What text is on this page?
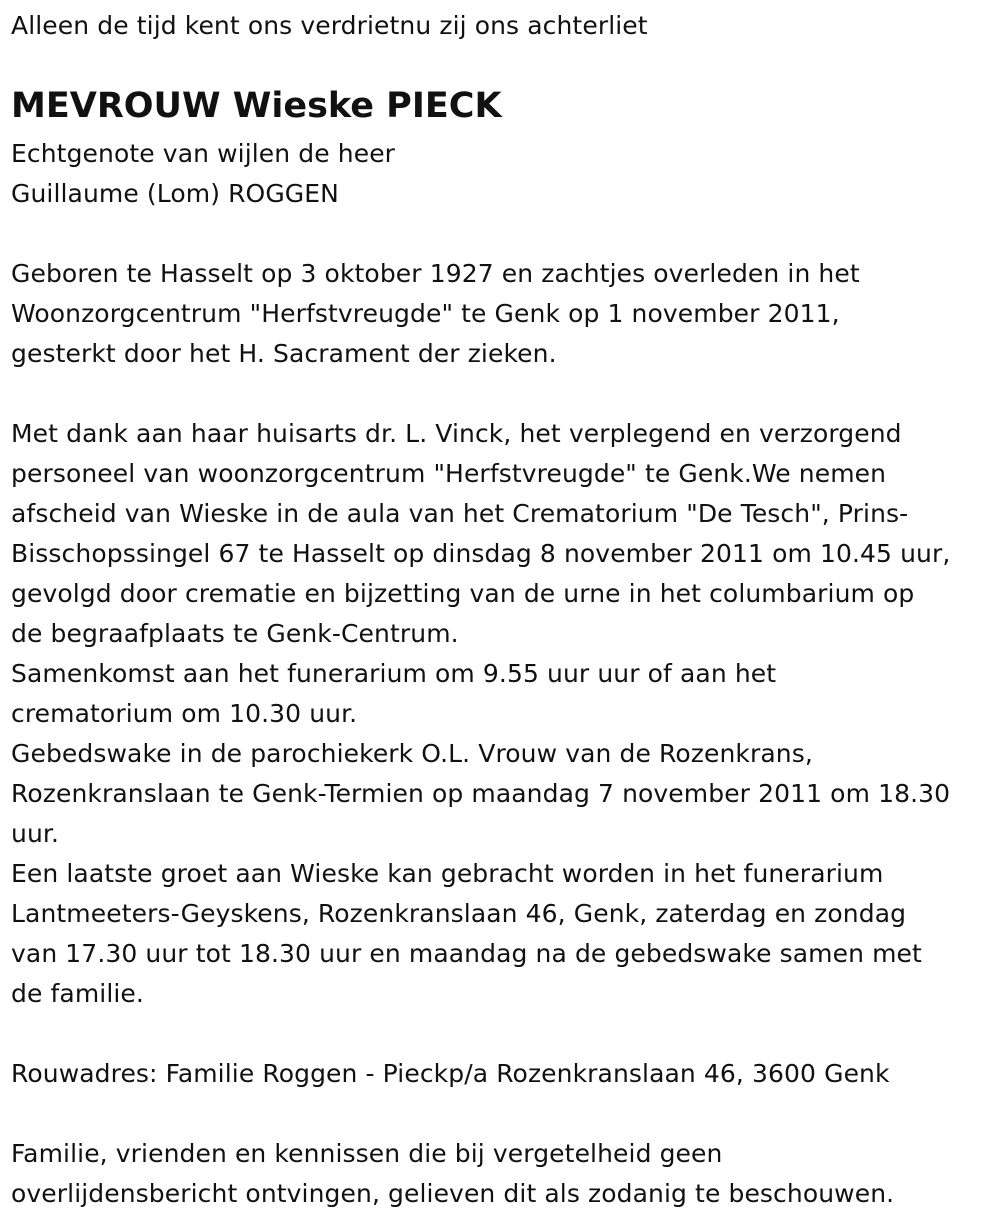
Alleen de tijd kent ons verdrietnu zij ons achterliet
MEVROUW Wieske PIECK
Echtgenote van wijlen de heer
Guillaume (Lom) ROGGEN
Geboren te Hasselt op 3 oktober 1927 en zachtjes overleden in het
Woonzorgcentrum "Herfstvreugde" te Genk op 1 november 2011,
gesterkt door het H. Sacrament der zieken.
Met dank aan haar huisarts dr. L. Vinck, het verplegend en verzorgend
personeel van woonzorgcentrum "Herfstvreugde" te Genk.We nemen
afscheid van Wieske in de aula van het Crematorium "De Tesch", Prins-
Bisschopssingel 67 te Hasselt op dinsdag 8 november 2011 om 10.45 uur,
gevolgd door crematie en bijzetting van de urne in het columbarium op
de begraafplaats te Genk-Centrum.
Samenkomst aan het funerarium om 9.55 uur uur of aan het
crematorium om 10.30 uur.
Gebedswake in de parochiekerk O.L. Vrouw van de Rozenkrans,
Rozenkranslaan te Genk-Termien op maandag 7 november 2011 om 18.30
uur.
Een laatste groet aan Wieske kan gebracht worden in het funerarium
Lantmeeters-Geyskens, Rozenkranslaan 46, Genk, zaterdag en zondag
van 17.30 uur tot 18.30 uur en maandag na de gebedswake samen met
de familie.
Rouwadres: Familie Roggen - Pieckp/a Rozenkranslaan 46, 3600 Genk
Familie, vrienden en kennissen die bij vergetelheid geen
overlijdensbericht ontvingen, gelieven dit als zodanig te beschouwen.
